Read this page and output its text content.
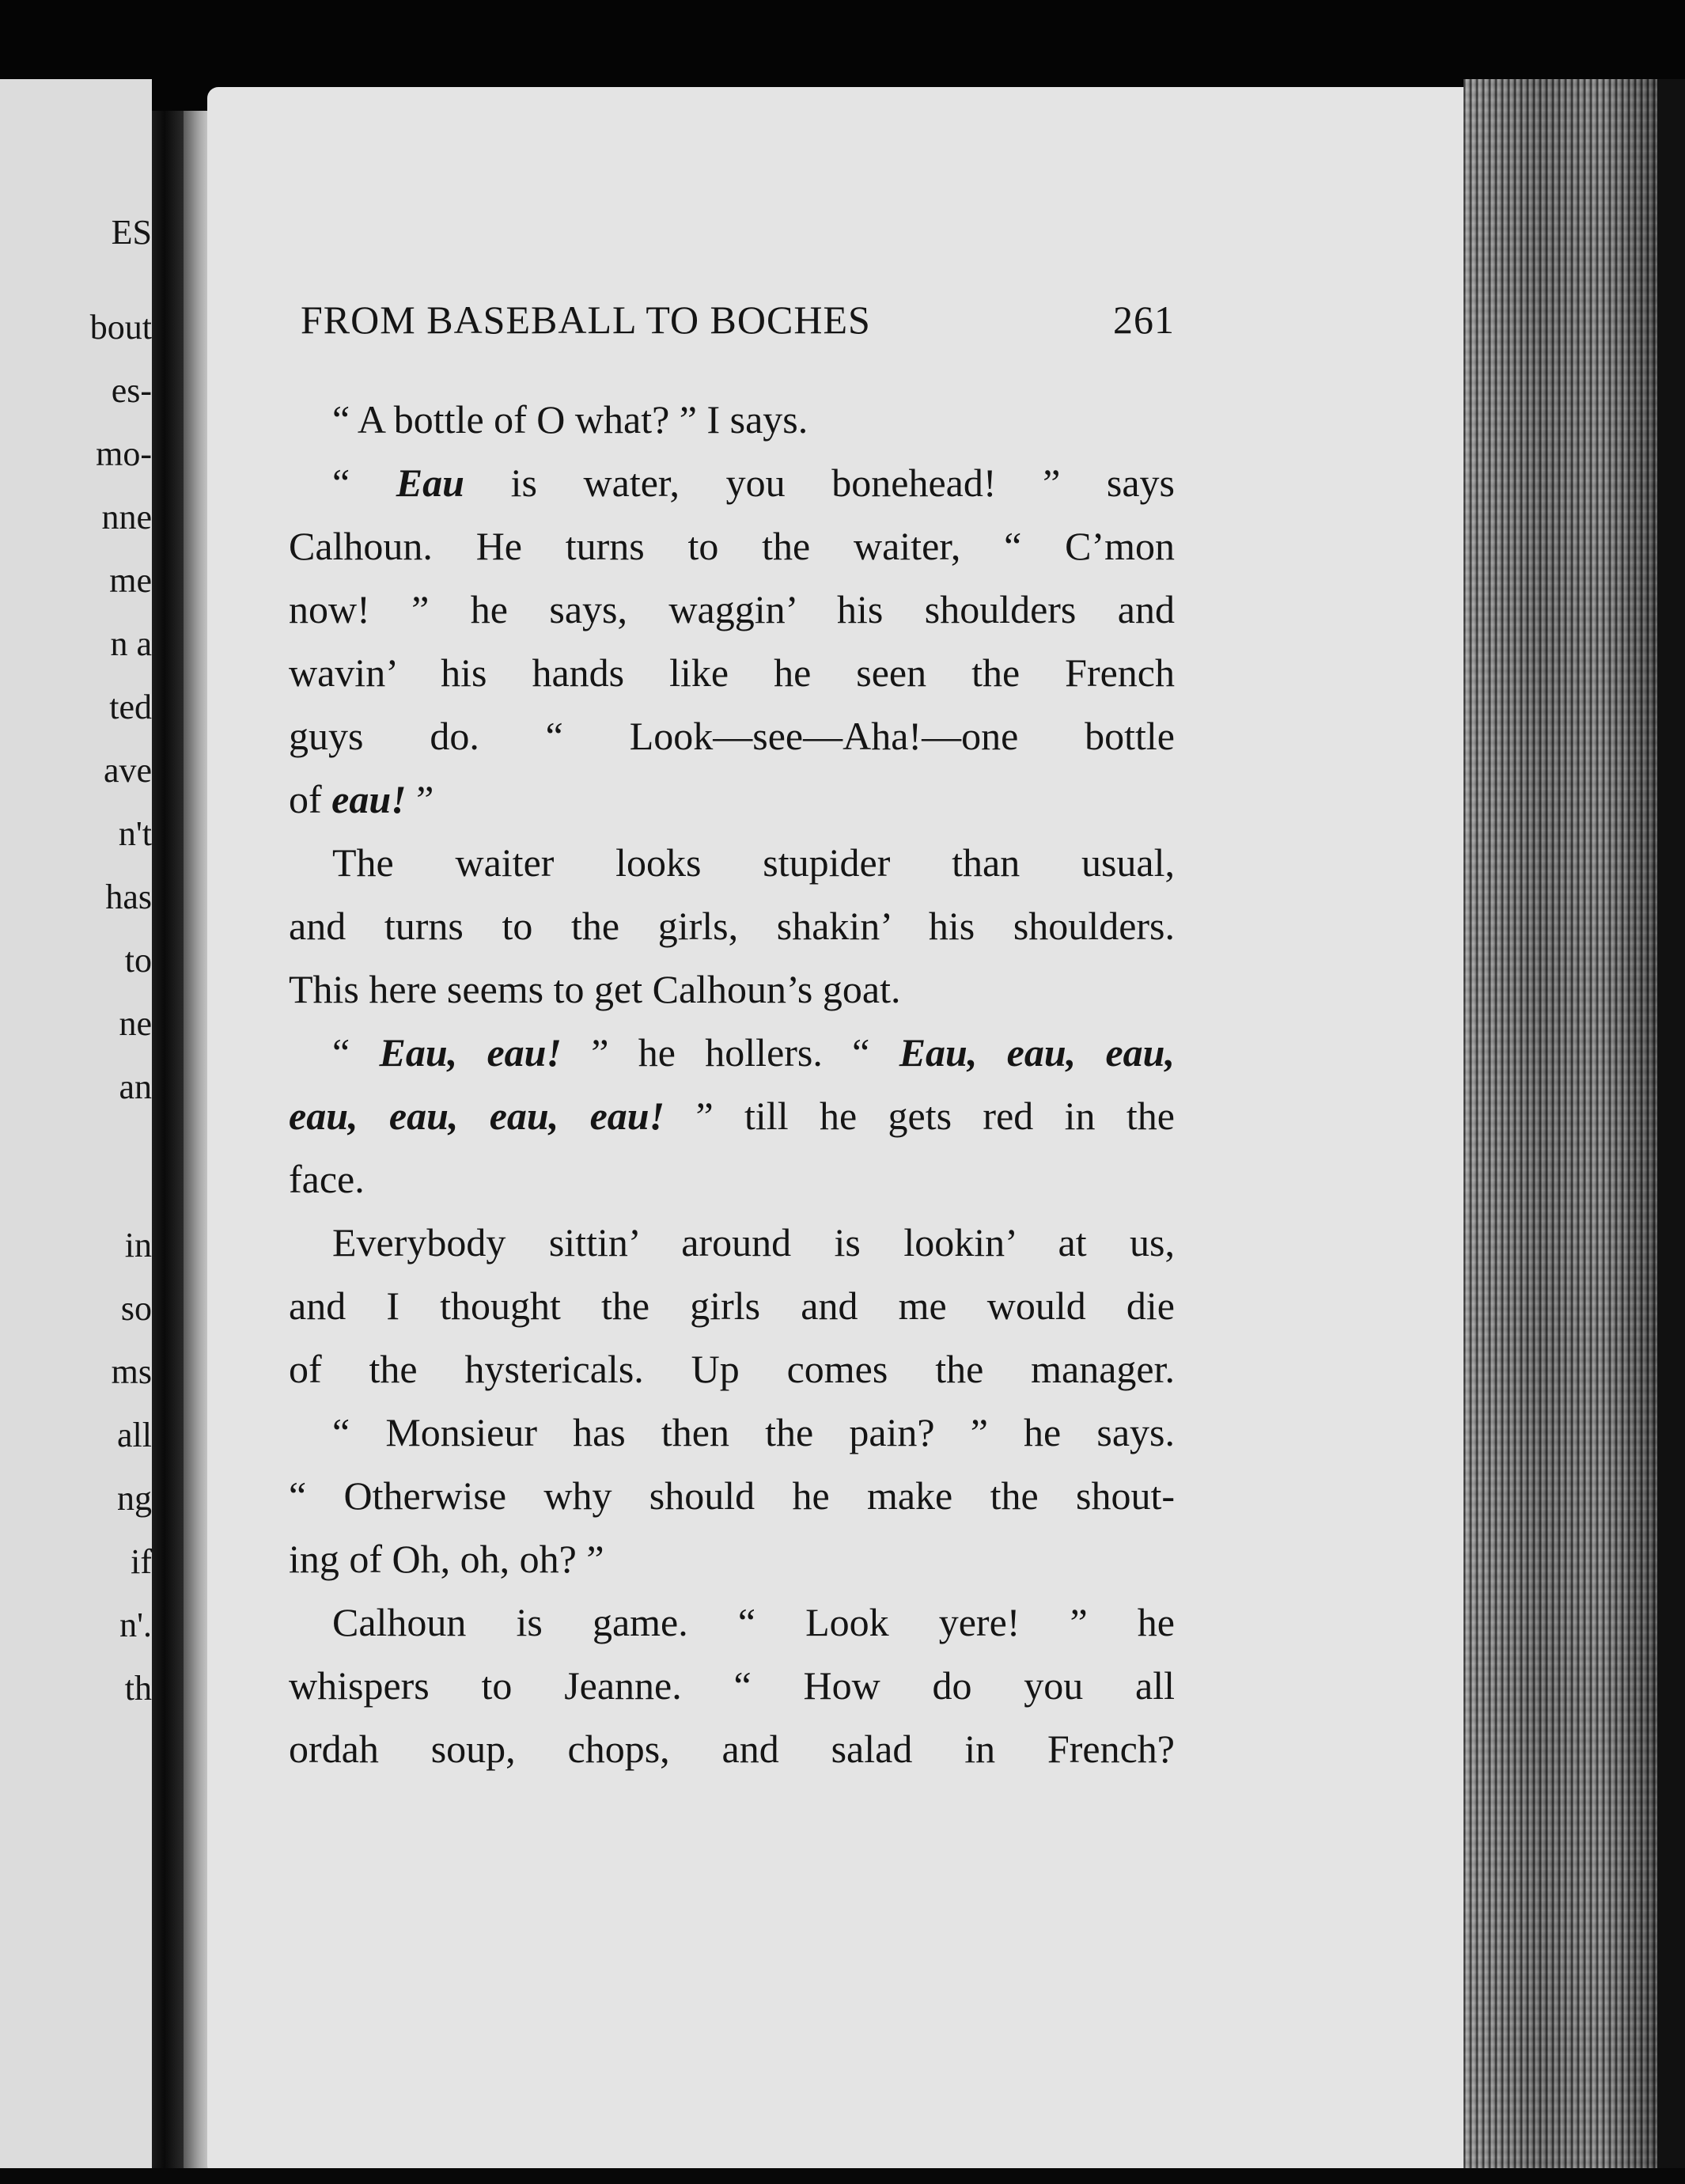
ES
bout
es-
mo-
nne
me
n a
ted
ave
n't
has
to
ne
an
in
so
ms
all
ng
if
n'.
th
FROM BASEBALL TO BOCHES	261
“ A bottle of O what? ” I says.
“ Eau is water, you bonehead! ” says
Calhoun. He turns to the waiter, “ C’mon
now! ” he says, waggin’ his shoulders and
wavin’ his hands like he seen the French
guys do. “ Look—see—Aha!—one bottle
of eau! ”
The waiter looks stupider than usual,
and turns to the girls, shakin’ his shoulders.
This here seems to get Calhoun’s goat.
“ Eau, eau! ” he hollers. “ Eau, eau, eau,
eau, eau, eau, eau! ” till he gets red in the
face.
Everybody sittin’ around is lookin’ at us,
and I thought the girls and me would die
of the hystericals. Up comes the manager.
“ Monsieur has then the pain? ” he says.
“ Otherwise why should he make the shout-
ing of Oh, oh, oh? ”
Calhoun is game. “ Look yere! ” he
whispers to Jeanne. “ How do you all
ordah soup, chops, and salad in French?
